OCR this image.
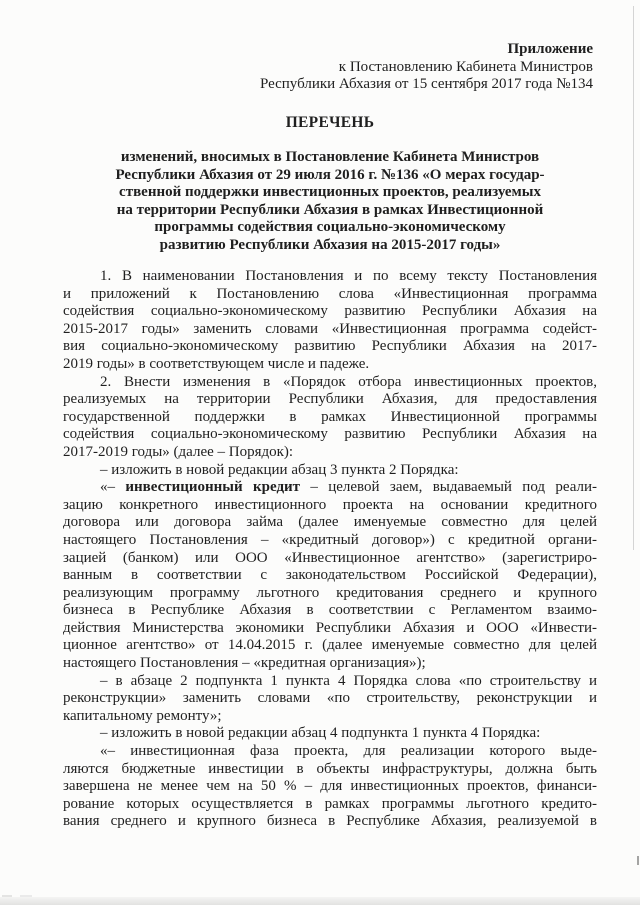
Приложение
к Постановлению Кабинета Министров
Республики Абхазия от 15 сентября 2017 года №134
ПЕРЕЧЕНЬ
изменений, вносимых в Постановление Кабинета Министров
Республики Абхазия от 29 июля 2016 г. №136 «О мерах государ-
ственной поддержки инвестиционных проектов, реализуемых
на территории Республики Абхазия в рамках Инвестиционной
программы содействия социально-экономическому
развитию Республики Абхазия на 2015-2017 годы»
1. В наименовании Постановления и по всему тексту Постановления
и приложений к Постановлению слова «Инвестиционная программа
содействия социально-экономическому развитию Республики Абхазия на
2015-2017 годы» заменить словами «Инвестиционная программа содейст-
вия социально-экономическому развитию Республики Абхазия на 2017-
2019 годы» в соответствующем числе и падеже.
2. Внести изменения в «Порядок отбора инвестиционных проектов,
реализуемых на территории Республики Абхазия, для предоставления
государственной поддержки в рамках Инвестиционной программы
содействия социально-экономическому развитию Республики Абхазия на
2017-2019 годы» (далее – Порядок):
– изложить в новой редакции абзац 3 пункта 2 Порядка:
«– инвестиционный кредит – целевой заем, выдаваемый под реали-
зацию конкретного инвестиционного проекта на основании кредитного
договора или договора займа (далее именуемые совместно для целей
настоящего Постановления – «кредитный договор») с кредитной органи-
зацией (банком) или ООО «Инвестиционное агентство» (зарегистриро-
ванным в соответствии с законодательством Российской Федерации),
реализующим программу льготного кредитования среднего и крупного
бизнеса в Республике Абхазия в соответствии с Регламентом взаимо-
действия Министерства экономики Республики Абхазия и ООО «Инвести-
ционное агентство» от 14.04.2015 г. (далее именуемые совместно для целей
настоящего Постановления – «кредитная организация»);
– в абзаце 2 подпункта 1 пункта 4 Порядка слова «по строительству и
реконструкции» заменить словами «по строительству, реконструкции и
капитальному ремонту»;
– изложить в новой редакции абзац 4 подпункта 1 пункта 4 Порядка:
«– инвестиционная фаза проекта, для реализации которого выде-
ляются бюджетные инвестиции в объекты инфраструктуры, должна быть
завершена не менее чем на 50 % – для инвестиционных проектов, финанси-
рование которых осуществляется в рамках программы льготного кредито-
вания среднего и крупного бизнеса в Республике Абхазия, реализуемой в
